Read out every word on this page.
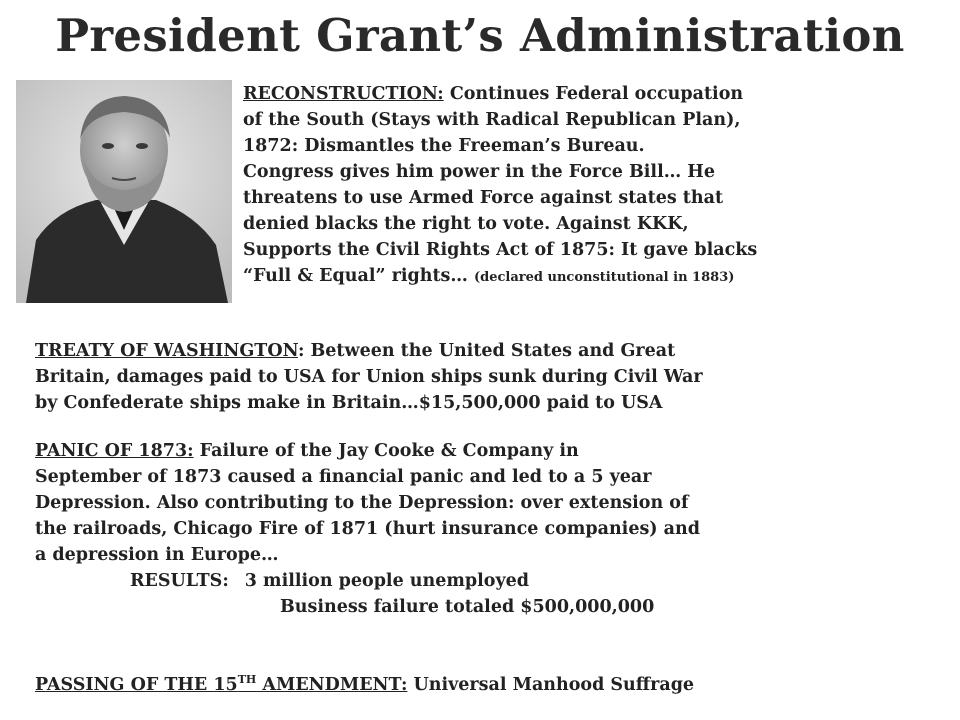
President Grant’s Administration
RECONSTRUCTION: Continues Federal occupation
of the South (Stays with Radical Republican Plan),
1872: Dismantles the Freeman’s Bureau.
Congress gives him power in the Force Bill… He
threatens to use Armed Force against states that
denied blacks the right to vote. Against KKK,
Supports the Civil Rights Act of 1875: It gave blacks
“Full & Equal” rights… (declared unconstitutional in 1883)
TREATY OF WASHINGTON: Between the United States and Great
Britain, damages paid to USA for Union ships sunk during Civil War
by Confederate ships make in Britain…$15,500,000 paid to USA
PANIC OF 1873: Failure of the Jay Cooke & Company in
September of 1873 caused a financial panic and led to a 5 year
Depression. Also contributing to the Depression: over extension of
the railroads, Chicago Fire of 1871 (hurt insurance companies) and
a depression in Europe…
RESULTS: 3 million people unemployed
Business failure totaled $500,000,000
PASSING OF THE 15TH AMENDMENT: Universal Manhood Suffrage
